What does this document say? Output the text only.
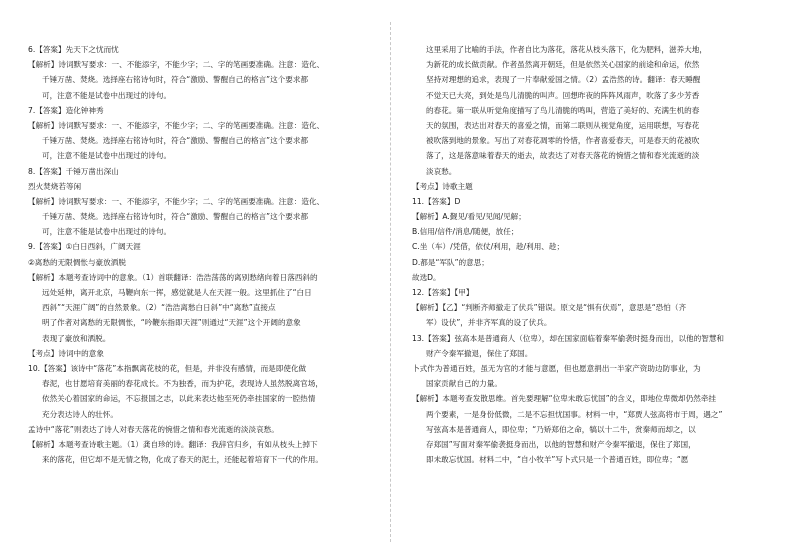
6.【答案】先天下之忧而忧
【解析】诗词默写要求：一、不能添字，不能少字；二、字的笔画要准确。注意：造化、
千锤万凿、焚烧。选择座右铭诗句时，符合“激励、警醒自己的格言”这个要求都
可，注意不能是试卷中出现过的诗句。
7.【答案】造化钟神秀
【解析】诗词默写要求：一、不能添字，不能少字；二、字的笔画要准确。注意：造化、
千锤万凿、焚烧。选择座右铭诗句时，符合“激励、警醒自己的格言”这个要求都
可，注意不能是试卷中出现过的诗句。
8.【答案】千锤万凿出深山
烈火焚烧若等闲
【解析】诗词默写要求：一、不能添字，不能少字；二、字的笔画要准确。注意：造化、
千锤万凿、焚烧。选择座右铭诗句时，符合“激励、警醒自己的格言”这个要求都
可，注意不能是试卷中出现过的诗句。
9.【答案】①白日西斜，广阔天涯
②离愁的无限惆怅与豪放洒脱
【解析】本题考查诗词中的意象。（1）首联翻译：浩浩荡荡的离别愁绪向着日落西斜的
远处延伸，离开北京，马鞭向东一挥，感觉就是人在天涯一般。这里抓住了“白日
西斜”“天涯广阔”的自然景象。（2）“浩浩离愁白日斜”中“离愁”直接点
明了作者对离愁的无限惆怅，“吟鞭东指即天涯”则通过“天涯”这个开阔的意象
表现了豪放和洒脱。
【考点】诗词中的意象
10.【答案】该诗中“落花”本指飘离花枝的花，但是，并非没有感情，而是即使化做
春泥，也甘愿培育美丽的春花成长。不为独香，而为护花，表现诗人虽然脱离官场，
依然关心着国家的命运，不忘报国之志，以此来表达他至死仍牵挂国家的一腔热情
充分表达诗人的壮怀。
孟诗中“落花”则表达了诗人对春天落花的惋惜之情和春光流逝的淡淡哀愁。
【解析】本题考查诗歌主题。（1）龚自珍的诗。翻译：我辞官归乡，有如从枝头上掉下
来的落花，但它却不是无情之物，化成了春天的泥土，还能起着培育下一代的作用。
这里采用了比喻的手法，作者自比为落花，落花从枝头落下，化为肥料，滋养大地，
为新花的成长做贡献。作者虽然离开朝廷，但是依然关心国家的前途和命运，依然
坚持对理想的追求，表现了一片奉献爱国之情。（2）孟浩然的诗。翻译：春天睡醒
不觉天已大亮，到处是鸟儿清脆的叫声。回想昨夜的阵阵风雨声，吹落了多少芳香
的春花。第一联从听觉角度描写了鸟儿清脆的鸣叫，营造了美好的、充满生机的春
天的氛围，表达出对春天的喜爱之情，而第二联则从视觉角度，运用联想，写春花
被吹落到地的景象。写出了对春花凋零的怜惜，作者喜爱春天，可是春天的花被吹
落了，这是落意味着春天的逝去，故表达了对春天落花的惋惜之情和春光流逝的淡
淡哀愁。
【考点】诗歌主题
11.【答案】D
【解析】A.觐见/看见/见闻/见解；
B.信用/信件/消息/随便，放任；
C.坐（车）/凭借，依仗/利用，趁/利用、趁；
D.都是“军队”的意思；
故选D。
12.【答案】【甲】
【解析】【乙】“判断齐师撤走了伏兵”错误。原文是“惧有伏焉”，意思是“恐怕（齐
军）设伏”，并非齐军真的设了伏兵。
13.【答案】弦高本是普通商人（位卑），却在国家面临着秦军偷袭时挺身而出，以他的智慧和
财产令秦军撤退，保住了郑国。
卜式作为普通百姓，虽无为官的才能与意愿，但也愿意捐出一半家产资助边防事业，为
国家贡献自己的力量。
【解析】本题考查发散思维。首先要理解“位卑未敢忘忧国”的含义，即地位卑微却仍然牵挂
两个要素，一是身份低微，二是不忘担忧国事。材料一中，“郑贾人弦高将市于周，遇之”
写弦高本是普通商人，即位卑；“乃矫郑伯之命，犒以十二牛，赏秦师而却之，以
存郑国”写面对秦军偷袭挺身而出，以他的智慧和财产令秦军撤退，保住了郑国，
即未敢忘忧国。材料二中，“自小牧羊”写卜式只是一个普通百姓，即位卑；“愿
